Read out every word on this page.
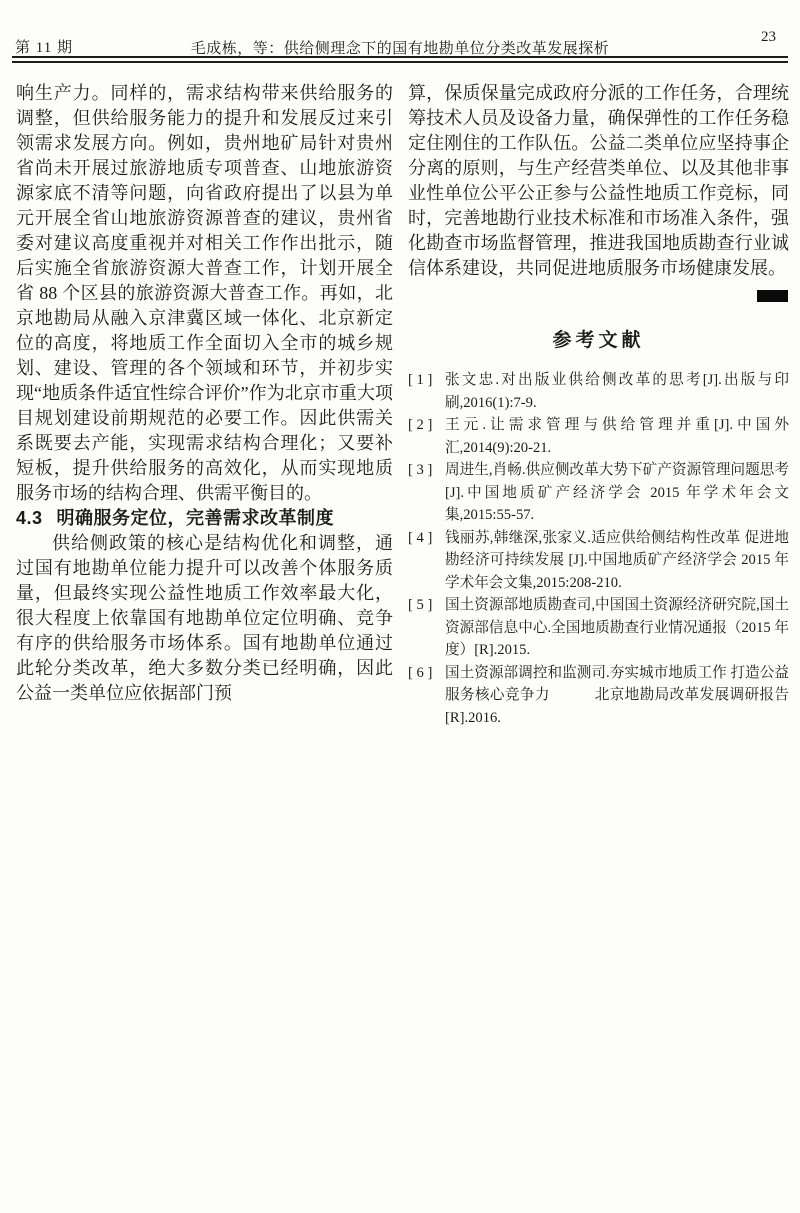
第 11 期	毛成栋，等：供给侧理念下的国有地勘单位分类改革发展探析
23

响生产力。同样的，需求结构带来供给服务的调整，但供给服务能力的提升和发展反过来引领需求发展方向。例如，贵州地矿局针对贵州省尚未开展过旅游地质专项普查、山地旅游资源家底不清等问题，向省政府提出了以县为单元开展全省山地旅游资源普查的建议，贵州省委对建议高度重视并对相关工作作出批示，随后实施全省旅游资源大普查工作，计划开展全省 88 个区县的旅游资源大普查工作。再如，北京地勘局从融入京津冀区域一体化、北京新定位的高度，将地质工作全面切入全市的城乡规划、建设、管理的各个领域和环节，并初步实现“地质条件适宜性综合评价”作为北京市重大项目规划建设前期规范的必要工作。因此供需关系既要去产能，实现需求结构合理化；又要补短板，提升供给服务的高效化，从而实现地质服务市场的结构合理、供需平衡目的。

4.3 明确服务定位，完善需求改革制度

供给侧政策的核心是结构优化和调整，通过国有地勘单位能力提升可以改善个体服务质量，但最终实现公益性地质工作效率最大化，很大程度上依靠国有地勘单位定位明确、竞争有序的供给服务市场体系。国有地勘单位通过此轮分类改革，绝大多数分类已经明确，因此公益一类单位应依据部门预

算，保质保量完成政府分派的工作任务，合理统筹技术人员及设备力量，确保弹性的工作任务稳定住刚住的工作队伍。公益二类单位应坚持事企分离的原则，与生产经营类单位、以及其他非事业性单位公平公正参与公益性地质工作竞标，同时，完善地勘行业技术标准和市场准入条件，强化勘查市场监督管理，推进我国地质勘查行业诚信体系建设，共同促进地质服务市场健康发展。

参考文献
[ 1 ] 张文忠.对出版业供给侧改革的思考[J].出版与印刷,2016(1):7-9.
[ 2 ] 王元.让需求管理与供给管理并重[J].中国外汇,2014(9):20-21.
[ 3 ] 周进生,肖畅.供应侧改革大势下矿产资源管理问题思考[J].中国地质矿产经济学会 2015 年学术年会文集,2015:55-57.
[ 4 ] 钱丽苏,韩继深,张家义.适应供给侧结构性改革 促进地勘经济可持续发展 [J].中国地质矿产经济学会 2015 年学术年会文集,2015:208-210.
[ 5 ] 国土资源部地质勘查司,中国国土资源经济研究院,国土资源部信息中心.全国地质勘查行业情况通报（2015 年度）[R].2015.
[ 6 ] 国土资源部调控和监测司.夯实城市地质工作 打造公益服务核心竞争力　　　北京地勘局改革发展调研报告[R].2016.
